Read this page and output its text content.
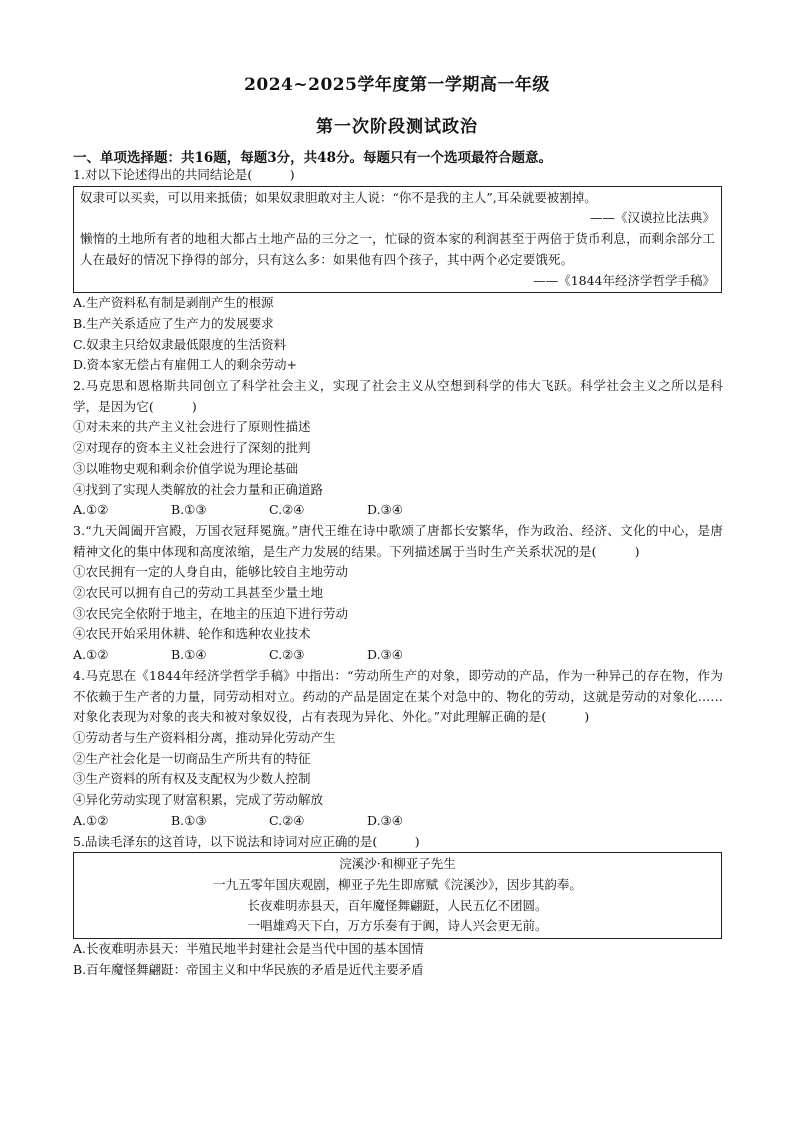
2024~2025学年度第一学期高一年级
第一次阶段测试政治
一、单项选择题：共16题，每题3分，共48分。每题只有一个选项最符合题意。
1.对以下论述得出的共同结论是(　　　)
奴隶可以买卖，可以用来抵债；如果奴隶胆敢对主人说：“你不是我的主人”,耳朵就要被割掉。
——《汉谟拉比法典》
懒惰的土地所有者的地租大都占土地产品的三分之一，忙碌的资本家的利润甚至于两倍于货币利息，而剩余部分工人在最好的情况下挣得的部分，只有这么多：如果他有四个孩子，其中两个必定要饿死。
——《1844年经济学哲学手稿》
A.生产资料私有制是剥削产生的根源
B.生产关系适应了生产力的发展要求
C.奴隶主只给奴隶最低限度的生活资料
D.资本家无偿占有雇佣工人的剩余劳动+
2.马克思和恩格斯共同创立了科学社会主义，实现了社会主义从空想到科学的伟大飞跃。科学社会主义之所以是科学，是因为它(　　　)
①对未来的共产主义社会进行了原则性描述
②对现存的资本主义社会进行了深刻的批判
③以唯物史观和剩余价值学说为理论基础
④找到了实现人类解放的社会力量和正确道路
A.①②	B.①③	C.②④	D.③④
3.“九天阊阖开宫殿，万国衣冠拜冕旒。”唐代王维在诗中歌颂了唐都长安繁华，作为政治、经济、文化的中心，是唐精神文化的集中体现和高度浓缩，是生产力发展的结果。下列描述属于当时生产关系状况的是(　　　)
①农民拥有一定的人身自由，能够比较自主地劳动
②农民可以拥有自己的劳动工具甚至少量土地
③农民完全依附于地主，在地主的压迫下进行劳动
④农民开始采用休耕、轮作和选种农业技术
A.①②	B.①④	C.②③	D.③④
4.马克思在《1844年经济学哲学手稿》中指出：“劳动所生产的对象，即劳动的产品，作为一种异己的存在物，作为不依赖于生产者的力量，同劳动相对立。药动的产品是固定在某个对急中的、物化的劳动，这就是劳动的对象化……对象化表现为对象的丧夫和被对象奴役，占有表现为异化、外化。”对此理解正确的是(　　　)
①劳动者与生产资料相分离，推动异化劳动产生
②生产社会化是一切商品生产所共有的特征
③生产资料的所有权及支配权为少数人控制
④异化劳动实现了财富积累，完成了劳动解放
A.①②	B.①③	C.②④	D.③④
5.品读毛泽东的这首诗，以下说法和诗词对应正确的是(　　　)
浣溪沙·和柳亚子先生
一九五零年国庆观剧，柳亚子先生即席赋《浣溪沙》，因步其韵奉。
长夜难明赤县天，百年魔怪舞翩跹，人民五亿不团圆。
一唱雄鸡天下白，万方乐奏有于阗，诗人兴会更无前。
A.长夜难明赤县天：半殖民地半封建社会是当代中国的基本国情
B.百年魔怪舞翩跹：帝国主义和中华民族的矛盾是近代主要矛盾
